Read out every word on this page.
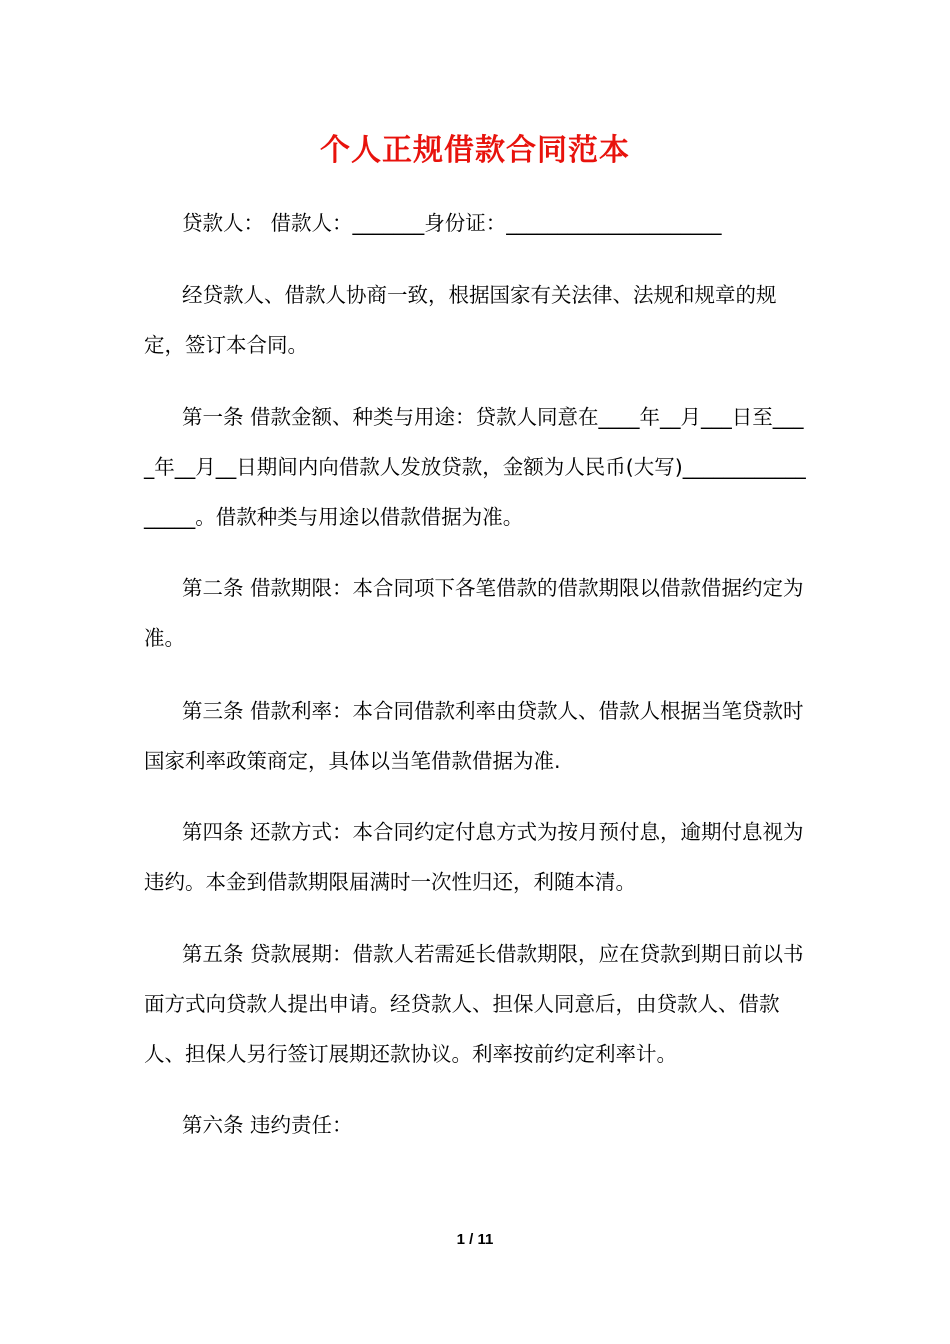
个人正规借款合同范本
贷款人： 借款人：_______身份证：_____________________
经贷款人、借款人协商一致，根据国家有关法律、法规和规章的规定，签订本合同。
第一条 借款金额、种类与用途：贷款人同意在____年__月___日至____年__月__日期间内向借款人发放贷款，金额为人民币(大写)_________________。借款种类与用途以借款借据为准。
第二条 借款期限：本合同项下各笔借款的借款期限以借款借据约定为准。
第三条 借款利率：本合同借款利率由贷款人、借款人根据当笔贷款时国家利率政策商定，具体以当笔借款借据为准.
第四条 还款方式：本合同约定付息方式为按月预付息，逾期付息视为违约。本金到借款期限届满时一次性归还，利随本清。
第五条 贷款展期：借款人若需延长借款期限，应在贷款到期日前以书面方式向贷款人提出申请。经贷款人、担保人同意后，由贷款人、借款人、担保人另行签订展期还款协议。利率按前约定利率计。
第六条 违约责任：
1 / 11
